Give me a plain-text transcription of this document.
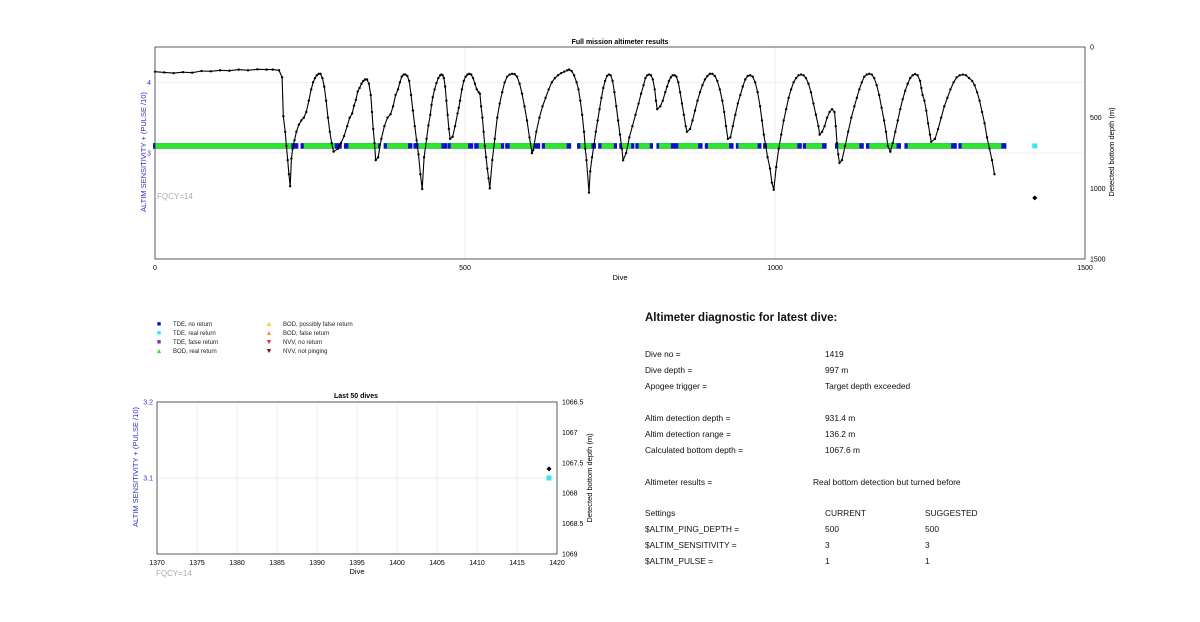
Full mission altimeter results
0	500	1000	1500
3
4
0
500
1000
1500
FQCY=14
Dive
ALTIM SENSITIVITY + (PULSE /10)	Detected bottom depth (m)
Last 50 dives
1370	1375	1380	1385	1390	1395	1400	1405	1410	1415	1420
3.1
3.2	1066.5
1067
1067.5
1068
1068.5
1069
FQCY=14	Dive
ALTIM SENSITIVITY + (PULSE /10)	Detected bottom depth (m)
■ TDE, no return
■ TDE, real return
■ TDE, false return
▲ BOD, real return
▲ BOD, possibly false return
▲ BOD, false return
▼ NVV, no return
▼ NVV, not pinging
Altimeter diagnostic for latest dive:
Dive no =	1419
Dive depth =	997 m
Apogee trigger =	Target depth exceeded
Altim detection depth =	931.4 m
Altim detection range =	136.2 m
Calculated bottom depth =	1067.6 m
Altimeter results =	Real bottom detection but turned before
Settings	CURRENT	SUGGESTED
$ALTIM_PING_DEPTH =	500	500
$ALTIM_SENSITIVITY =	3	3
$ALTIM_PULSE =	1	1
